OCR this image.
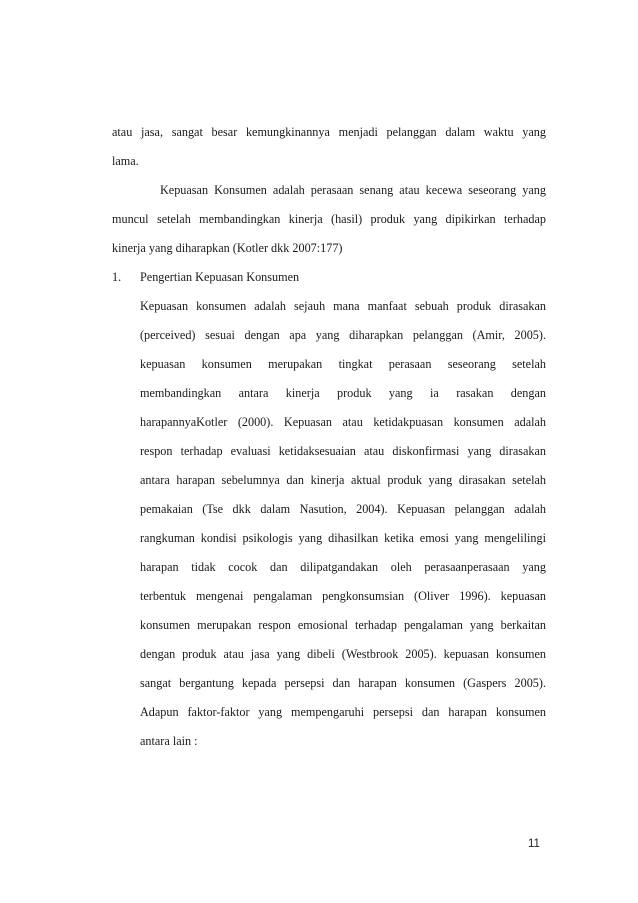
atau jasa, sangat besar kemungkinannya menjadi pelanggan dalam waktu yang
lama.
Kepuasan Konsumen adalah perasaan senang atau kecewa seseorang yang
muncul setelah membandingkan kinerja (hasil) produk yang dipikirkan terhadap
kinerja yang diharapkan (Kotler dkk 2007:177)
1. Pengertian Kepuasan Konsumen
Kepuasan konsumen adalah sejauh mana manfaat sebuah produk dirasakan
(perceived) sesuai dengan apa yang diharapkan pelanggan (Amir, 2005).
kepuasan konsumen merupakan tingkat perasaan seseorang setelah
membandingkan antara kinerja produk yang ia rasakan dengan
harapannyaKotler (2000). Kepuasan atau ketidakpuasan konsumen adalah
respon terhadap evaluasi ketidaksesuaian atau diskonfirmasi yang dirasakan
antara harapan sebelumnya dan kinerja aktual produk yang dirasakan setelah
pemakaian (Tse dkk dalam Nasution, 2004). Kepuasan pelanggan adalah
rangkuman kondisi psikologis yang dihasilkan ketika emosi yang mengelilingi
harapan tidak cocok dan dilipatgandakan oleh perasaanperasaan yang
terbentuk mengenai pengalaman pengkonsumsian (Oliver 1996). kepuasan
konsumen merupakan respon emosional terhadap pengalaman yang berkaitan
dengan produk atau jasa yang dibeli (Westbrook 2005). kepuasan konsumen
sangat bergantung kepada persepsi dan harapan konsumen (Gaspers 2005).
Adapun faktor-faktor yang mempengaruhi persepsi dan harapan konsumen
antara lain :
11
